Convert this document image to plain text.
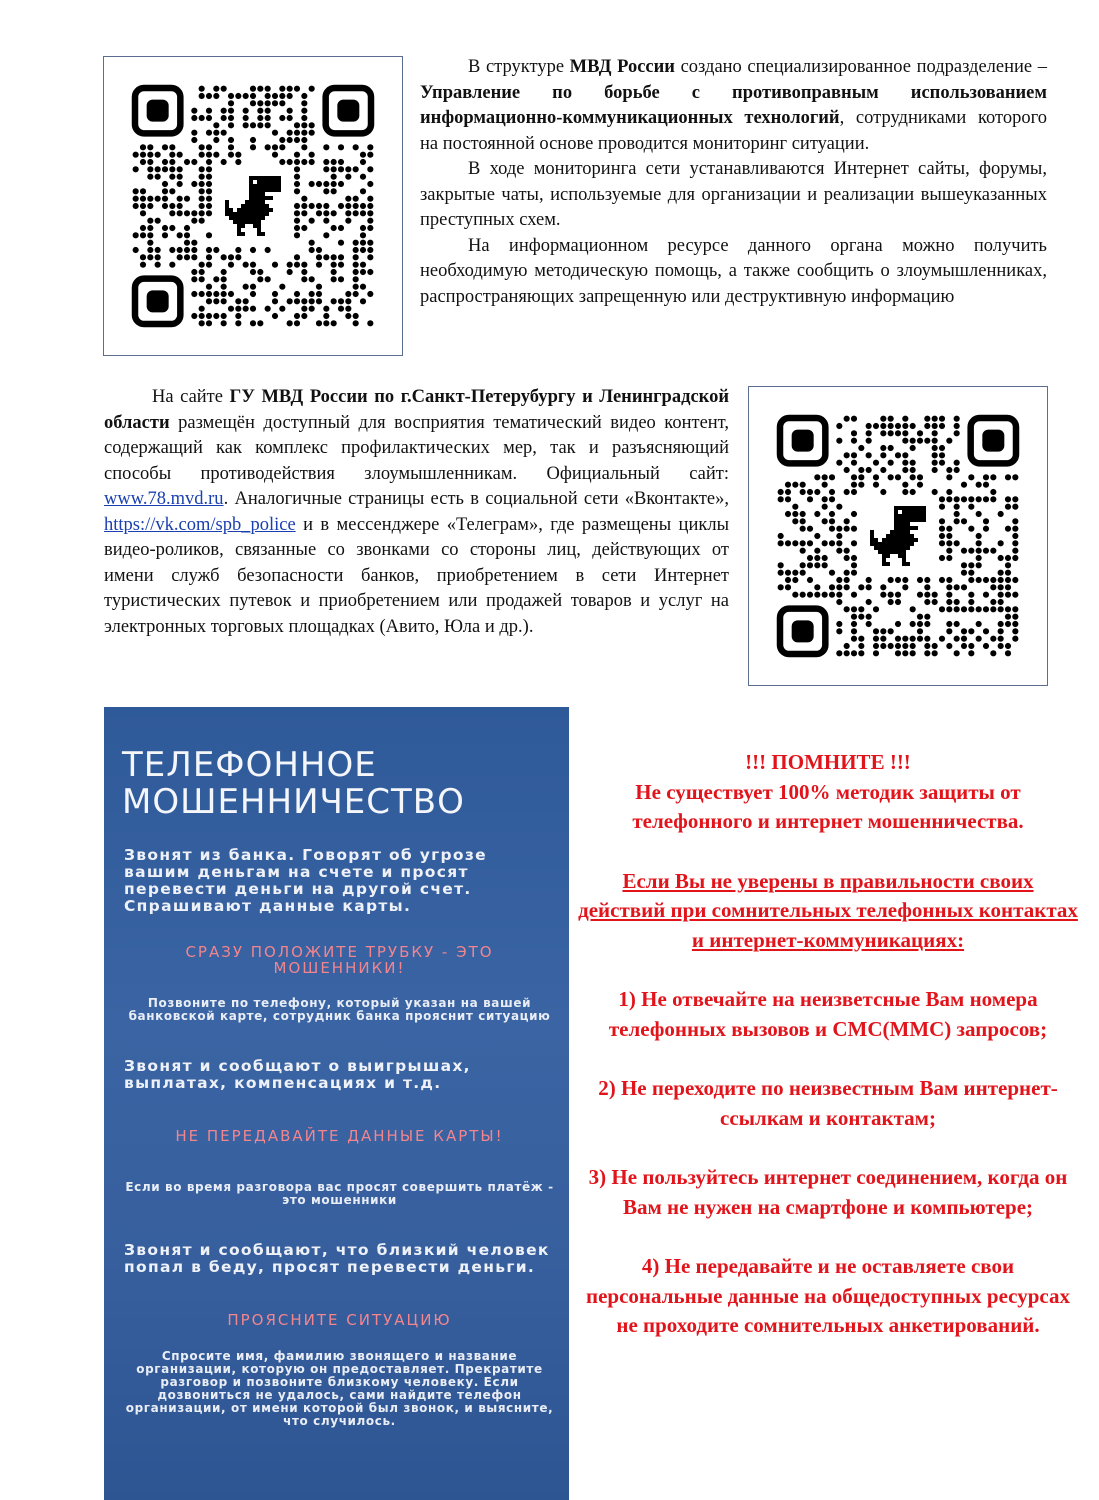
В структуре МВД России создано специализированное подразделение – Управление по борьбе с противоправным использованием информационно-коммуникационных технологий, сотрудниками которого на постоянной основе проводится мониторинг ситуации.

В ходе мониторинга сети устанавливаются Интернет сайты, форумы, закрытые чаты, используемые для организации и реализации вышеуказанных преступных схем.

На информационном ресурсе данного органа можно получить необходимую методическую помощь, а также сообщить о злоумышленниках, распространяющих запрещенную или деструктивную информацию

На сайте ГУ МВД России по г.Санкт-Петерубургу и Ленинградской области размещён доступный для восприятия тематический видео контент, содержащий как комплекс профилактических мер, так и разъясняющий способы противодействия злоумышленникам. Официальный сайт: www.78.mvd.ru. Аналогичные страницы есть в социальной сети «Вконтакте», https://vk.com/spb_police и в мессенджере «Телеграм», где размещены циклы видео-роликов, связанные со звонками со стороны лиц, действующих от имени служб безопасности банков, приобретением в сети Интернет туристических путевок и приобретением или продажей товаров и услуг на электронных торговых площадках (Авито, Юла и др.).

ТЕЛЕФОННОЕ
МОШЕННИЧЕСТВО
Звонят из банка. Говорят об угрозе вашим деньгам на счете и просят перевести деньги на другой счет. Спрашивают данные карты.
СРАЗУ ПОЛОЖИТЕ ТРУБКУ - ЭТО МОШЕННИКИ!
Позвоните по телефону, который указан на вашей банковской карте, сотрудник банка прояснит ситуацию
Звонят и сообщают о выигрышах, выплатах, компенсациях и т.д.
НЕ ПЕРЕДАВАЙТЕ ДАННЫЕ КАРТЫ!
Если во время разговора вас просят совершить платёж - это мошенники
Звонят и сообщают, что близкий человек попал в беду, просят перевести деньги.
ПРОЯСНИТЕ СИТУАЦИЮ
Спросите имя, фамилию звонящего и название организации, которую он предоставляет. Прекратите разговор и позвоните близкому человеку. Если дозвониться не удалось, сами найдите телефон организации, от имени которой был звонок, и выясните, что случилось.
!!! ПОМНИТЕ !!!
Не существует 100% методик защиты от телефонного и интернет мошенничества.
Если Вы не уверены в правильности своих действий при сомнительных телефонных контактах и интернет-коммуникациях:
1) Не отвечайте на неизветсные Вам номера телефонных вызовов и СМС(ММС) запросов;
2) Не переходите по неизвестным Вам интернет-ссылкам и контактам;
3) Не пользуйтесь интернет соединением, когда он Вам не нужен на смартфоне и компьютере;
4) Не передавайте и не оставляете свои персональные данные на общедоступных ресурсах не проходите сомнительных анкетирований.
